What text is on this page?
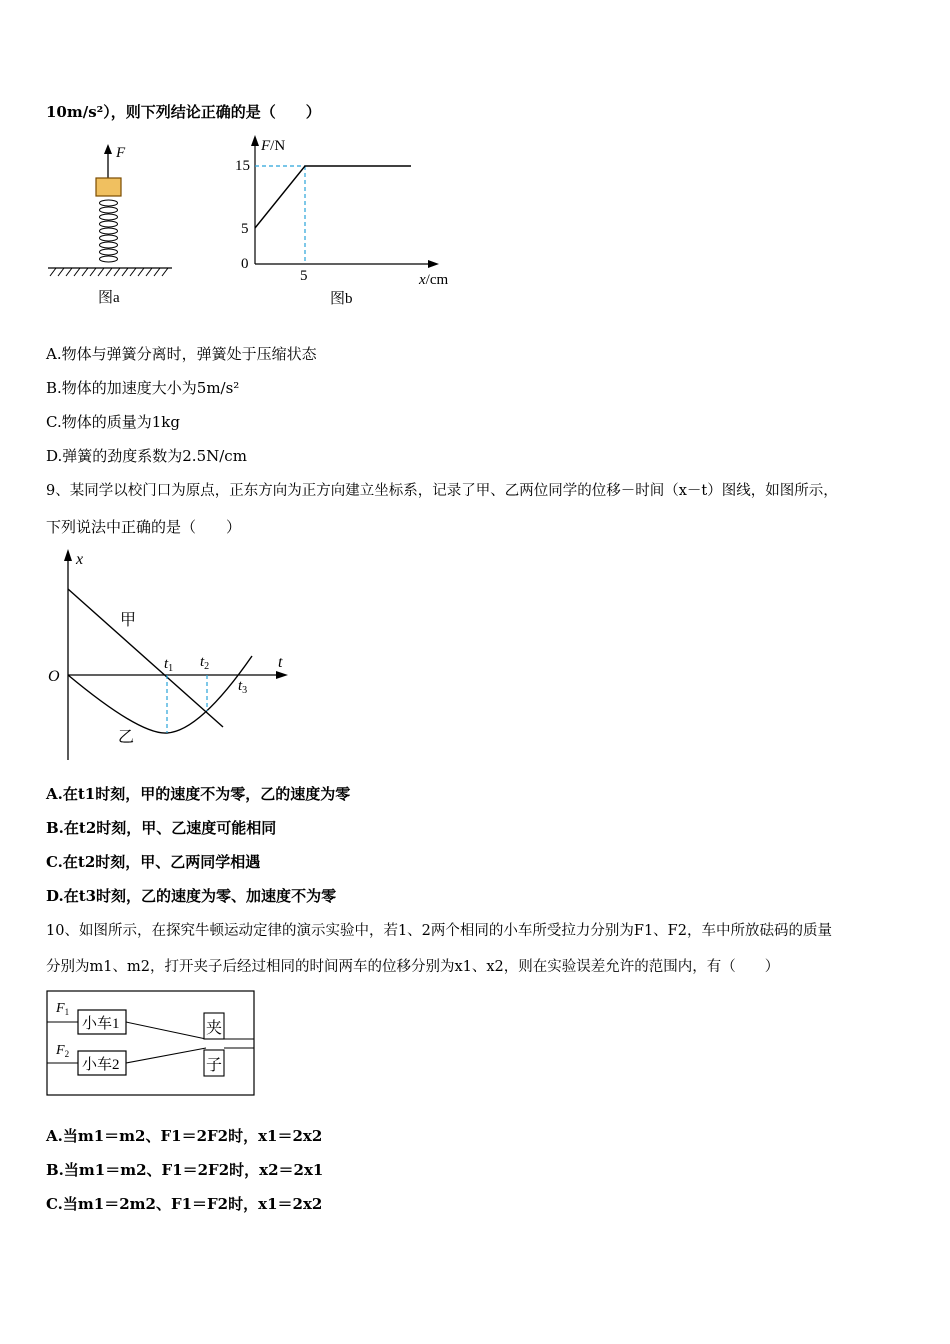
10m/s²），则下列结论正确的是（　　）
F
图a
F/N
x/cm
15
5
0
5
图b
A.物体与弹簧分离时，弹簧处于压缩状态
B.物体的加速度大小为5m/s²
C.物体的质量为1kg
D.弹簧的劲度系数为2.5N/cm
9、某同学以校门口为原点，正东方向为正方向建立坐标系，记录了甲、乙两位同学的位移－时间（x－t）图线，如图所示，
下列说法中正确的是（　　）
x
t
O
甲
乙
$t_1$ $t_2$
$t_3$
A.在t1时刻，甲的速度不为零，乙的速度为零
B.在t2时刻，甲、乙速度可能相同
C.在t2时刻，甲、乙两同学相遇
D.在t3时刻，乙的速度为零、加速度不为零
10、如图所示，在探究牛顿运动定律的演示实验中，若1、2两个相同的小车所受拉力分别为F1、F2，车中所放砝码的质量
分别为m1、m2，打开夹子后经过相同的时间两车的位移分别为x1、x2，则在实验误差允许的范围内，有（　　）
$F_1$
$F_2$
小车1
小车2
夹
子
A.当m1＝m2、F1＝2F2时，x1＝2x2
B.当m1＝m2、F1＝2F2时，x2＝2x1
C.当m1＝2m2、F1＝F2时，x1＝2x2
